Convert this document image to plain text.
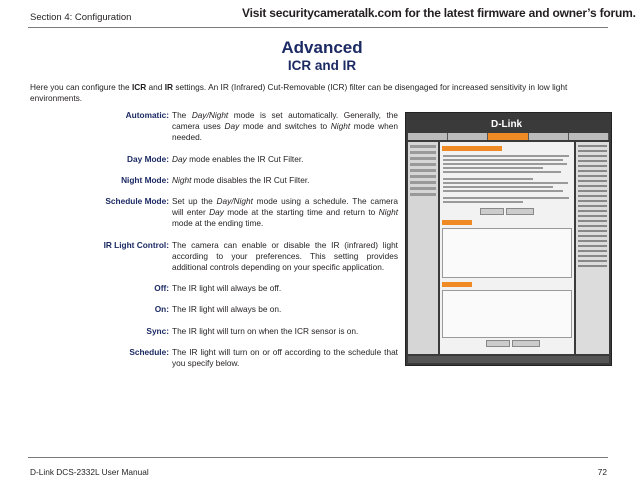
Section 4: Configuration	Visit securitycameratalk.com for the latest firmware and owner’s forum.
Advanced
ICR and IR
Here you can configure the ICR and IR settings. An IR (Infrared) Cut-Removable (ICR) filter can be disengaged for increased sensitivity in low light environments.
Automatic: The Day/Night mode is set automatically. Generally, the camera uses Day mode and switches to Night mode when needed.
Day Mode: Day mode enables the IR Cut Filter.
Night Mode: Night mode disables the IR Cut Filter.
Schedule Mode: Set up the Day/Night mode using a schedule. The camera will enter Day mode at the starting time and return to Night mode at the ending time.
IR Light Control: The camera can enable or disable the IR (infrared) light according to your preferences. This setting provides additional controls depending on your specific application.
Off: The IR light will always be off.
On: The IR light will always be on.
Sync: The IR light will turn on when the ICR sensor is on.
Schedule: The IR light will turn on or off according to the schedule that you specify below.
D-Link
D-Link DCS-2332L User Manual	72
